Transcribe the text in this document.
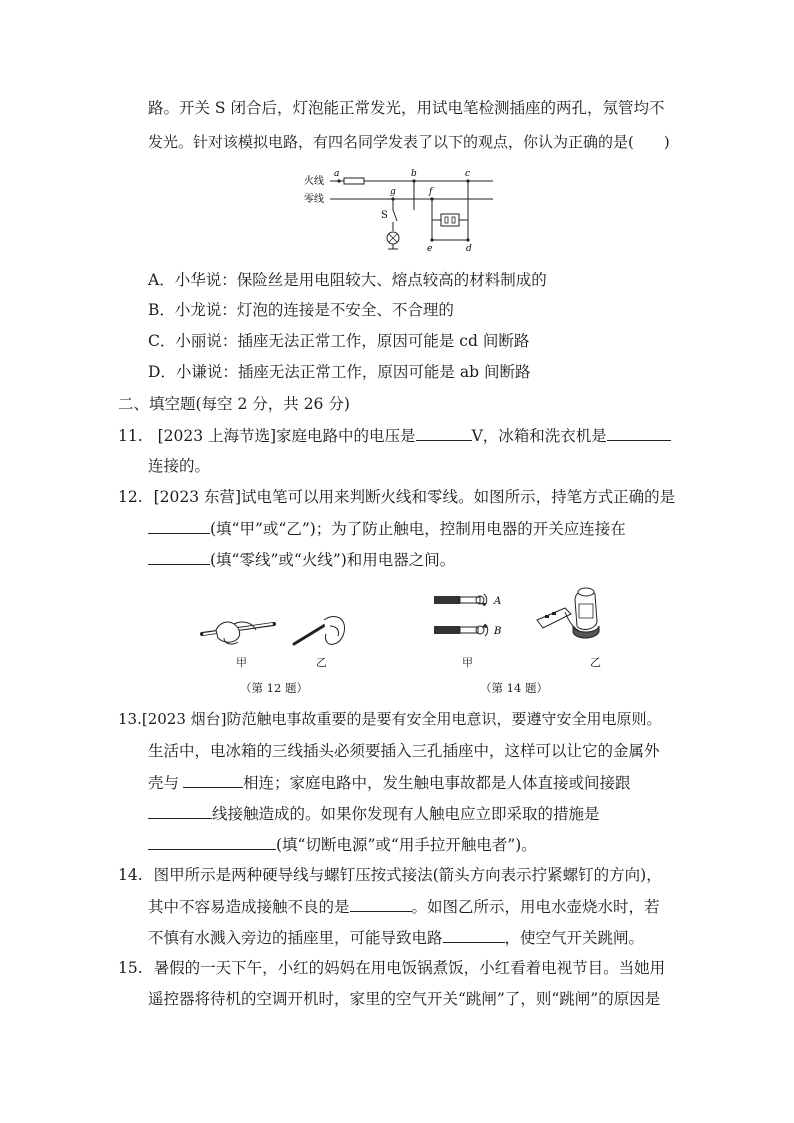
路。开关 S 闭合后，灯泡能正常发光，用试电笔检测插座的两孔，氖管均不
发光。针对该模拟电路，有四名同学发表了以下的观点，你认为正确的是(　　)
火线
零线
a	b	c
g
S
f
e	d
A．小华说：保险丝是用电阻较大、熔点较高的材料制成的
B．小龙说：灯泡的连接是不安全、不合理的
C．小丽说：插座无法正常工作，原因可能是 cd 间断路
D．小谦说：插座无法正常工作，原因可能是 ab 间断路
二、填空题(每空 2 分，共 26 分)
11. [2023 上海节选]家庭电路中的电压是	V，冰箱和洗衣机是
连接的。
12. [2023 东营]试电笔可以用来判断火线和零线。如图所示，持笔方式正确的是
(填“甲”或“乙”)；为了防止触电，控制用电器的开关应连接在
(填“零线”或“火线”)和用电器之间。
甲	乙
（第 12 题）
A
B
甲	乙
（第 14 题）
13.[2023 烟台]防范触电事故重要的是要有安全用电意识，要遵守安全用电原则。
生活中，电冰箱的三线插头必须要插入三孔插座中，这样可以让它的金属外
壳与	相连；家庭电路中，发生触电事故都是人体直接或间接跟
线接触造成的。如果你发现有人触电应立即采取的措施是
(填“切断电源”或“用手拉开触电者”)。
14. 图甲所示是两种硬导线与螺钉压按式接法(箭头方向表示拧紧螺钉的方向)，
其中不容易造成接触不良的是	。如图乙所示，用电水壶烧水时，若
不慎有水溅入旁边的插座里，可能导致电路	，使空气开关跳闸。
15. 暑假的一天下午，小红的妈妈在用电饭锅煮饭，小红看着电视节目。当她用
遥控器将待机的空调开机时，家里的空气开关“跳闸”了，则“跳闸”的原因是
